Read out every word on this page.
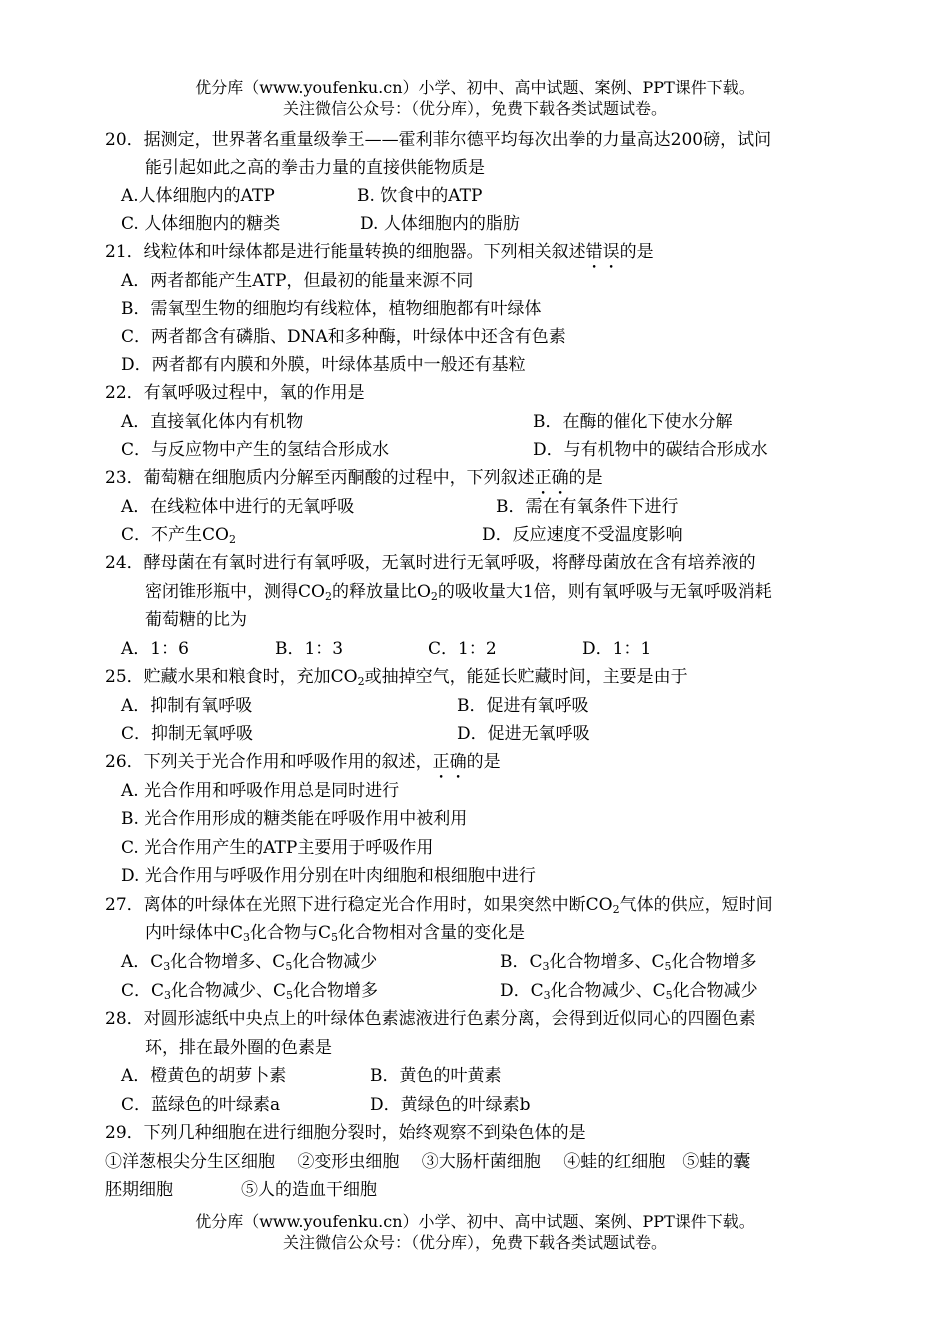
优分库（www.youfenku.cn）小学、初中、高中试题、案例、PPT课件下载。
关注微信公众号：（优分库），免费下载各类试题试卷。
20．据测定，世界著名重量级拳王——霍利菲尔德平均每次出拳的力量高达200磅，试问
能引起如此之高的拳击力量的直接供能物质是
A.人体细胞内的ATP	B. 饮食中的ATP
C. 人体细胞内的糖类	D. 人体细胞内的脂肪
21．线粒体和叶绿体都是进行能量转换的细胞器。下列相关叙述错误的是
A．两者都能产生ATP，但最初的能量来源不同
B．需氧型生物的细胞均有线粒体，植物细胞都有叶绿体
C．两者都含有磷脂、DNA和多种酶，叶绿体中还含有色素
D．两者都有内膜和外膜，叶绿体基质中一般还有基粒
22．有氧呼吸过程中，氧的作用是
A．直接氧化体内有机物	B．在酶的催化下使水分解
C．与反应物中产生的氢结合形成水	D．与有机物中的碳结合形成水
23．葡萄糖在细胞质内分解至丙酮酸的过程中，下列叙述正确的是
A．在线粒体中进行的无氧呼吸	B．需在有氧条件下进行
C．不产生$CO_2$	D．反应速度不受温度影响
24．酵母菌在有氧时进行有氧呼吸，无氧时进行无氧呼吸，将酵母菌放在含有培养液的
密闭锥形瓶中，测得$CO_2$的释放量比$O_2$的吸收量大1倍，则有氧呼吸与无氧呼吸消耗
葡萄糖的比为
A．1：6	B．1：3	C．1：2	D．1：1
25．贮藏水果和粮食时，充加$CO_2$或抽掉空气，能延长贮藏时间，主要是由于
A．抑制有氧呼吸	B．促进有氧呼吸
C．抑制无氧呼吸	D．促进无氧呼吸
26．下列关于光合作用和呼吸作用的叙述，正确的是
A. 光合作用和呼吸作用总是同时进行
B. 光合作用形成的糖类能在呼吸作用中被利用
C. 光合作用产生的ATP主要用于呼吸作用
D. 光合作用与呼吸作用分别在叶肉细胞和根细胞中进行
27．离体的叶绿体在光照下进行稳定光合作用时，如果突然中断$CO_2$气体的供应，短时间
内叶绿体中$C_3$化合物与$C_5$化合物相对含量的变化是
A．$C_3$化合物增多、$C_5$化合物减少	B．$C_3$化合物增多、$C_5$化合物增多
C．$C_3$化合物减少、$C_5$化合物增多	D．$C_3$化合物减少、$C_5$化合物减少
28．对圆形滤纸中央点上的叶绿体色素滤液进行色素分离，会得到近似同心的四圈色素
环，排在最外圈的色素是
A．橙黄色的胡萝卜素	B．黄色的叶黄素
C．蓝绿色的叶绿素a	D．黄绿色的叶绿素b
29．下列几种细胞在进行细胞分裂时，始终观察不到染色体的是
①洋葱根尖分生区细胞　 ②变形虫细胞　 ③大肠杆菌细胞　 ④蛙的红细胞　⑤蛙的囊
胚期细胞　　　　⑤人的造血干细胞
优分库（www.youfenku.cn）小学、初中、高中试题、案例、PPT课件下载。
关注微信公众号：（优分库），免费下载各类试题试卷。
